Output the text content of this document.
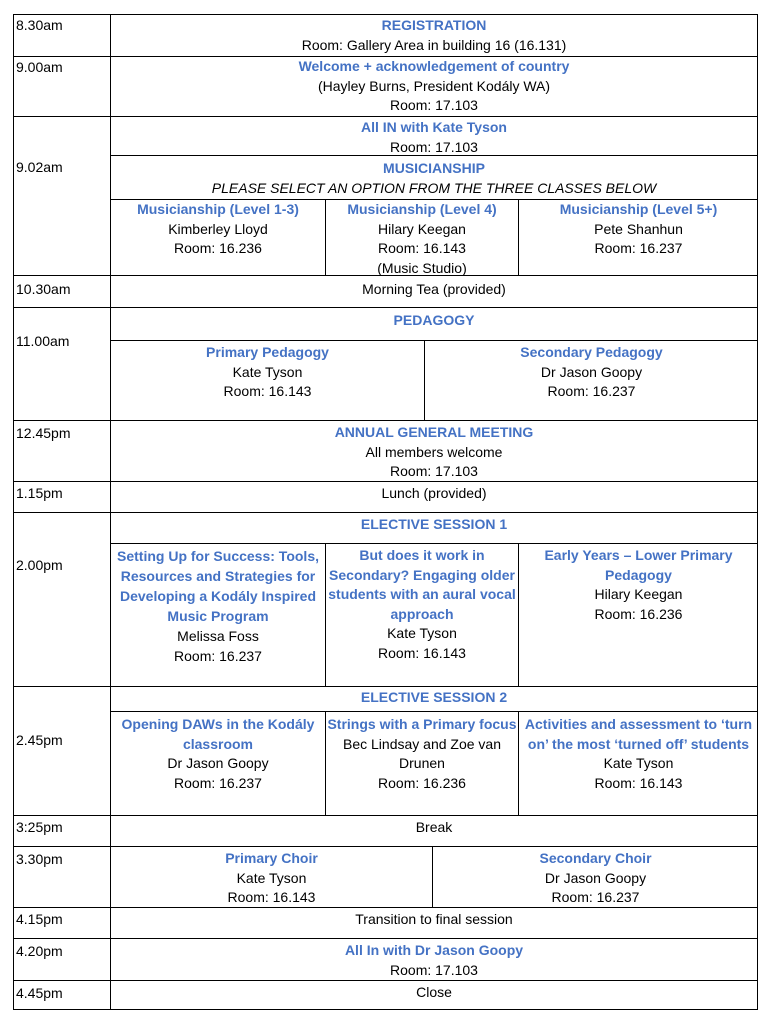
8.30am
9.00am
9.02am
10.30am
11.00am
12.45pm
1.15pm
2.00pm
2.45pm
3:25pm
3.30pm
4.15pm
4.20pm
4.45pm
REGISTRATION
Room: Gallery Area in building 16 (16.131)
Welcome + acknowledgement of country
(Hayley Burns, President Kodály WA)
Room: 17.103
All IN with Kate Tyson
Room: 17.103
MUSICIANSHIP
PLEASE SELECT AN OPTION FROM THE THREE CLASSES BELOW
Musicianship (Level 1-3)
Kimberley Lloyd
Room: 16.236
Musicianship (Level 4)
Hilary Keegan
Room: 16.143
(Music Studio)
Musicianship (Level 5+)
Pete Shanhun
Room: 16.237
Morning Tea (provided)
PEDAGOGY
Primary Pedagogy
Kate Tyson
Room: 16.143
Secondary Pedagogy
Dr Jason Goopy
Room: 16.237
ANNUAL GENERAL MEETING
All members welcome
Room: 17.103
Lunch (provided)
ELECTIVE SESSION 1
Setting Up for Success: Tools, Resources and Strategies for Developing a Kodály Inspired Music Program
Melissa Foss
Room: 16.237
But does it work in Secondary? Engaging older students with an aural vocal approach
Kate Tyson
Room: 16.143
Early Years – Lower Primary Pedagogy
Hilary Keegan
Room: 16.236
ELECTIVE SESSION 2
Opening DAWs in the Kodály classroom
Dr Jason Goopy
Room: 16.237
Strings with a Primary focus
Bec Lindsay and Zoe van Drunen
Room: 16.236
Activities and assessment to ‘turn on’ the most ‘turned off’ students
Kate Tyson
Room: 16.143
Break
Primary Choir
Kate Tyson
Room: 16.143
Secondary Choir
Dr Jason Goopy
Room: 16.237
Transition to final session
All In with Dr Jason Goopy
Room: 17.103
Close
